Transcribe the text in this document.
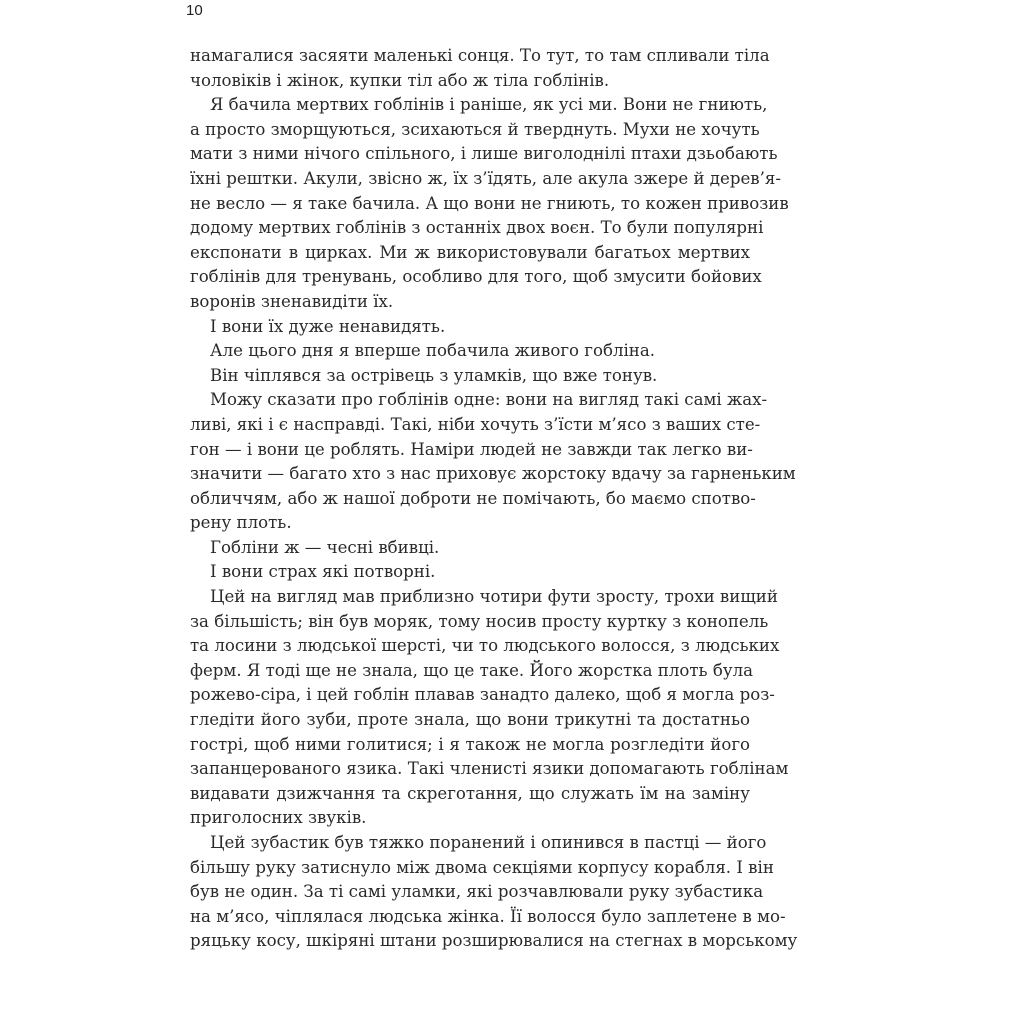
10
намагалися засяяти маленькі сонця. То тут, то там спливали тіла
чоловіків і жінок, купки тіл або ж тіла гоблінів.
Я бачила мертвих гоблінів і раніше, як усі ми. Вони не гниють,
а просто зморщуються, зсихаються й тверднуть. Мухи не хочуть
мати з ними нічого спільного, і лише виголоднілі птахи дзьобають
їхні рештки. Акули, звісно ж, їх з’їдять, але акула зжере й дерев’я-
не весло — я таке бачила. А що вони не гниють, то кожен привозив
додому мертвих гоблінів з останніх двох воєн. То були популярні
експонати в цирках. Ми ж використовували багатьох мертвих
гоблінів для тренувань, особливо для того, щоб змусити бойових
воронів зненавидіти їх.
І вони їх дуже ненавидять.
Але цього дня я вперше побачила живого гобліна.
Він чіплявся за острівець з уламків, що вже тонув.
Можу сказати про гоблінів одне: вони на вигляд такі самі жах-
ливі, які і є насправді. Такі, ніби хочуть з’їсти м’ясо з ваших сте-
гон — і вони це роблять. Наміри людей не завжди так легко ви-
значити — багато хто з нас приховує жорстоку вдачу за гарненьким
обличчям, або ж нашої доброти не помічають, бо маємо спотво-
рену плоть.
Гобліни ж — чесні вбивці.
І вони страх які потворні.
Цей на вигляд мав приблизно чотири фути зросту, трохи вищий
за більшість; він був моряк, тому носив просту куртку з конопель
та лосини з людської шерсті, чи то людського волосся, з людських
ферм. Я тоді ще не знала, що це таке. Його жорстка плоть була
рожево-сіра, і цей гоблін плавав занадто далеко, щоб я могла роз-
гледіти його зуби, проте знала, що вони трикутні та достатньо
гострі, щоб ними голитися; і я також не могла розгледіти його
запанцерованого язика. Такі членисті язики допомагають гоблінам
видавати дзижчання та скреготання, що служать їм на заміну
приголосних звуків.
Цей зубастик був тяжко поранений і опинився в пастці — його
більшу руку затиснуло між двома секціями корпусу корабля. І він
був не один. За ті самі уламки, які розчавлювали руку зубастика
на м’ясо, чіплялася людська жінка. Її волосся було заплетене в мо-
ряцьку косу, шкіряні штани розширювалися на стегнах в морському
